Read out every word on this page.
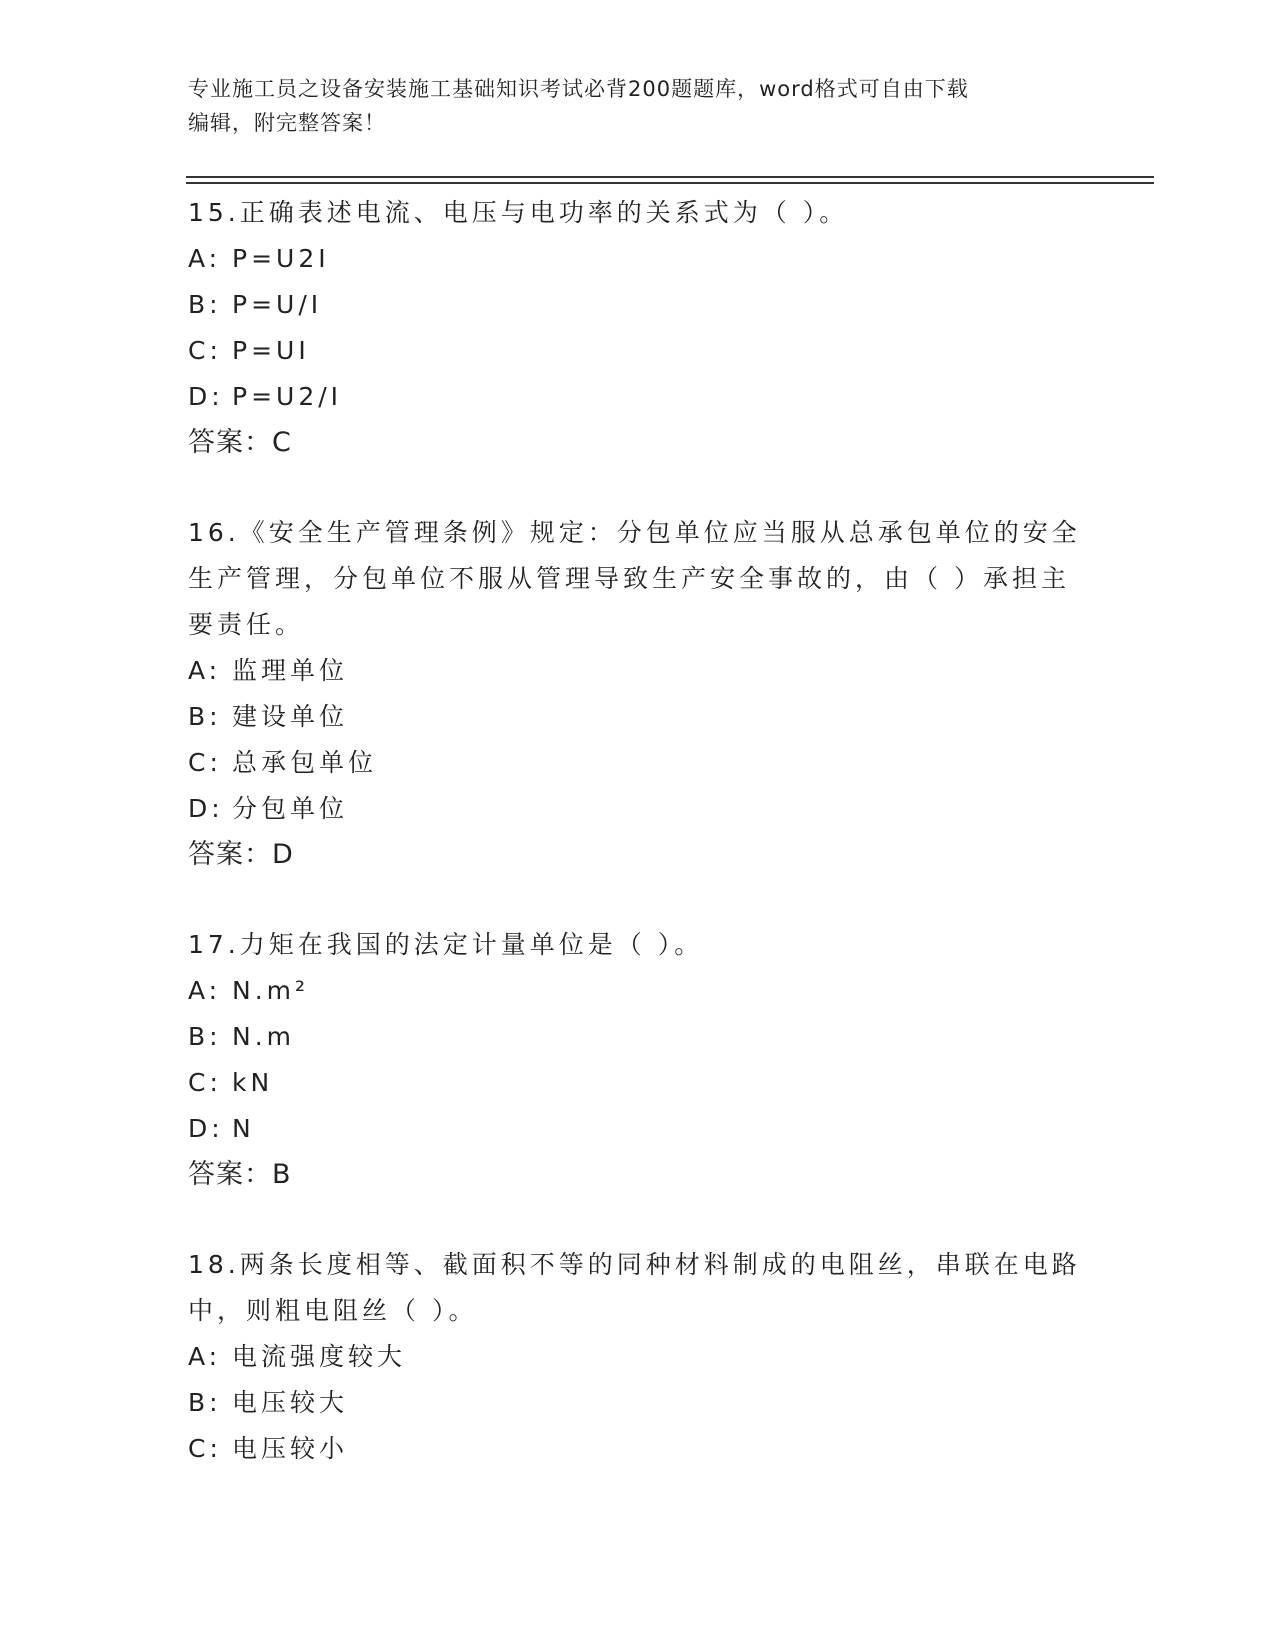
专业施工员之设备安装施工基础知识考试必背200题题库，word格式可自由下载
编辑，附完整答案！
15.正确表述电流、电压与电功率的关系式为（ ）。
A: P=U2I
B: P=U/I
C: P=UI
D: P=U2/I
答案：C
16.《安全生产管理条例》规定：分包单位应当服从总承包单位的安全
生产管理，分包单位不服从管理导致生产安全事故的，由（ ）承担主
要责任。
A: 监理单位
B: 建设单位
C: 总承包单位
D: 分包单位
答案：D
17.力矩在我国的法定计量单位是（ ）。
A: N.m²
B: N.m
C: kN
D: N
答案：B
18.两条长度相等、截面积不等的同种材料制成的电阻丝，串联在电路
中，则粗电阻丝（ ）。
A: 电流强度较大
B: 电压较大
C: 电压较小
